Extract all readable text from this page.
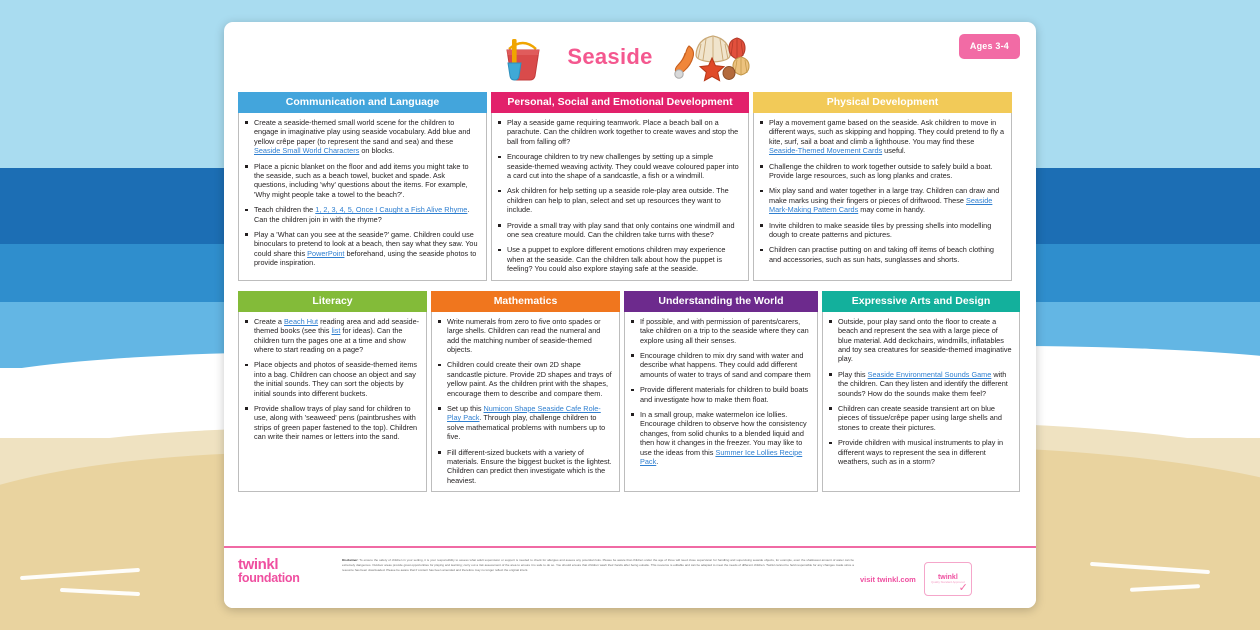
Seaside	Ages 3-4
Communication and Language
Create a seaside-themed small world scene for the children to engage in imaginative play using seaside vocabulary. Add blue and yellow crêpe paper (to represent the sand and sea) and these Seaside Small World Characters on blocks.
Place a picnic blanket on the floor and add items you might take to the seaside, such as a beach towel, bucket and spade. Ask questions, including 'why' questions about the items. For example, 'Why might people take a towel to the beach?'.
Teach children the 1, 2, 3, 4, 5, Once I Caught a Fish Alive Rhyme. Can the children join in with the rhyme?
Play a 'What can you see at the seaside?' game. Children could use binoculars to pretend to look at a beach, then say what they saw. You could share this PowerPoint beforehand, using the seaside photos to provide inspiration.
Personal, Social and Emotional Development
Play a seaside game requiring teamwork. Place a beach ball on a parachute. Can the children work together to create waves and stop the ball from falling off?
Encourage children to try new challenges by setting up a simple seaside-themed weaving activity. They could weave coloured paper into a card cut into the shape of a sandcastle, a fish or a windmill.
Ask children for help setting up a seaside role-play area outside. The children can help to plan, select and set up resources they want to include.
Provide a small tray with play sand that only contains one windmill and one sea creature mould. Can the children take turns with these?
Use a puppet to explore different emotions children may experience when at the seaside. Can the children talk about how the puppet is feeling? You could also explore staying safe at the seaside.
Physical Development
Play a movement game based on the seaside. Ask children to move in different ways, such as skipping and hopping. They could pretend to fly a kite, surf, sail a boat and climb a lighthouse. You may find these Seaside-Themed Movement Cards useful.
Challenge the children to work together outside to safely build a boat. Provide large resources, such as long planks and crates.
Mix play sand and water together in a large tray. Children can draw and make marks using their fingers or pieces of driftwood. These Seaside Mark-Making Pattern Cards may come in handy.
Invite children to make seaside tiles by pressing shells into modelling dough to create patterns and pictures.
Children can practise putting on and taking off items of beach clothing and accessories, such as sun hats, sunglasses and shorts.
Literacy
Create a Beach Hut reading area and add seaside-themed books (see this list for ideas). Can the children turn the pages one at a time and show where to start reading on a page?
Place objects and photos of seaside-themed items into a bag. Children can choose an object and say the initial sounds. They can sort the objects by initial sounds into different buckets.
Provide shallow trays of play sand for children to use, along with 'seaweed' pens (paintbrushes with strips of green paper fastened to the top). Children can write their names or letters into the sand.
Mathematics
Write numerals from zero to five onto spades or large shells. Children can read the numeral and add the matching number of seaside-themed objects.
Children could create their own 2D shape sandcastle picture. Provide 2D shapes and trays of yellow paint. As the children print with the shapes, encourage them to describe and compare them.
Set up this Numicon Shape Seaside Cafe Role-Play Pack. Through play, challenge children to solve mathematical problems with numbers up to five.
Fill different-sized buckets with a variety of materials. Ensure the biggest bucket is the lightest. Children can predict then investigate which is the heaviest.
Understanding the World
If possible, and with permission of parents/carers, take children on a trip to the seaside where they can explore using all their senses.
Encourage children to mix dry sand with water and describe what happens. They could add different amounts of water to trays of sand and compare them
Provide different materials for children to build boats and investigate how to make them float.
In a small group, make watermelon ice lollies. Encourage children to observe how the consistency changes, from solid chunks to a blended liquid and then how it changes in the freezer. You may like to use the ideas from this Summer Ice Lollies Recipe Pack.
Expressive Arts and Design
Outside, pour play sand onto the floor to create a beach and represent the sea with a large piece of blue material. Add deckchairs, windmills, inflatables and toy sea creatures for seaside-themed imaginative play.
Play this Seaside Environmental Sounds Game with the children. Can they listen and identify the different sounds? How do the sounds make them feel?
Children can create seaside transient art on blue pieces of tissue/crêpe paper using large shells and stones to create their pictures.
Provide children with musical instruments to play in different ways to represent the sea in different weathers, such as in a storm?
twinkl
foundation
Disclaimer: To ensure the safety of children in your setting, it is your responsibility to assess what adult supervision or support is needed to check for allergies and assess any potential risks. Please be aware that children under the age of three will need close supervision for handling and supervising seaside objects, for example, even the shallowest amount of water can be extremely dangerous. Outdoor areas provide great opportunities for playing and learning; carry out a risk assessment of the area to ensure it is safe to do so. You should ensure that children wash their hands after being outside. This resource is editable and can be adapted to meet the needs of different children. Twinkl cannot be held responsible for any changes made since a resource has been downloaded. Please be aware that if content has been amended and therefore may no longer reflect the original intent.
visit twinkl.com	twinkl
Quality Standard Approved
✓
